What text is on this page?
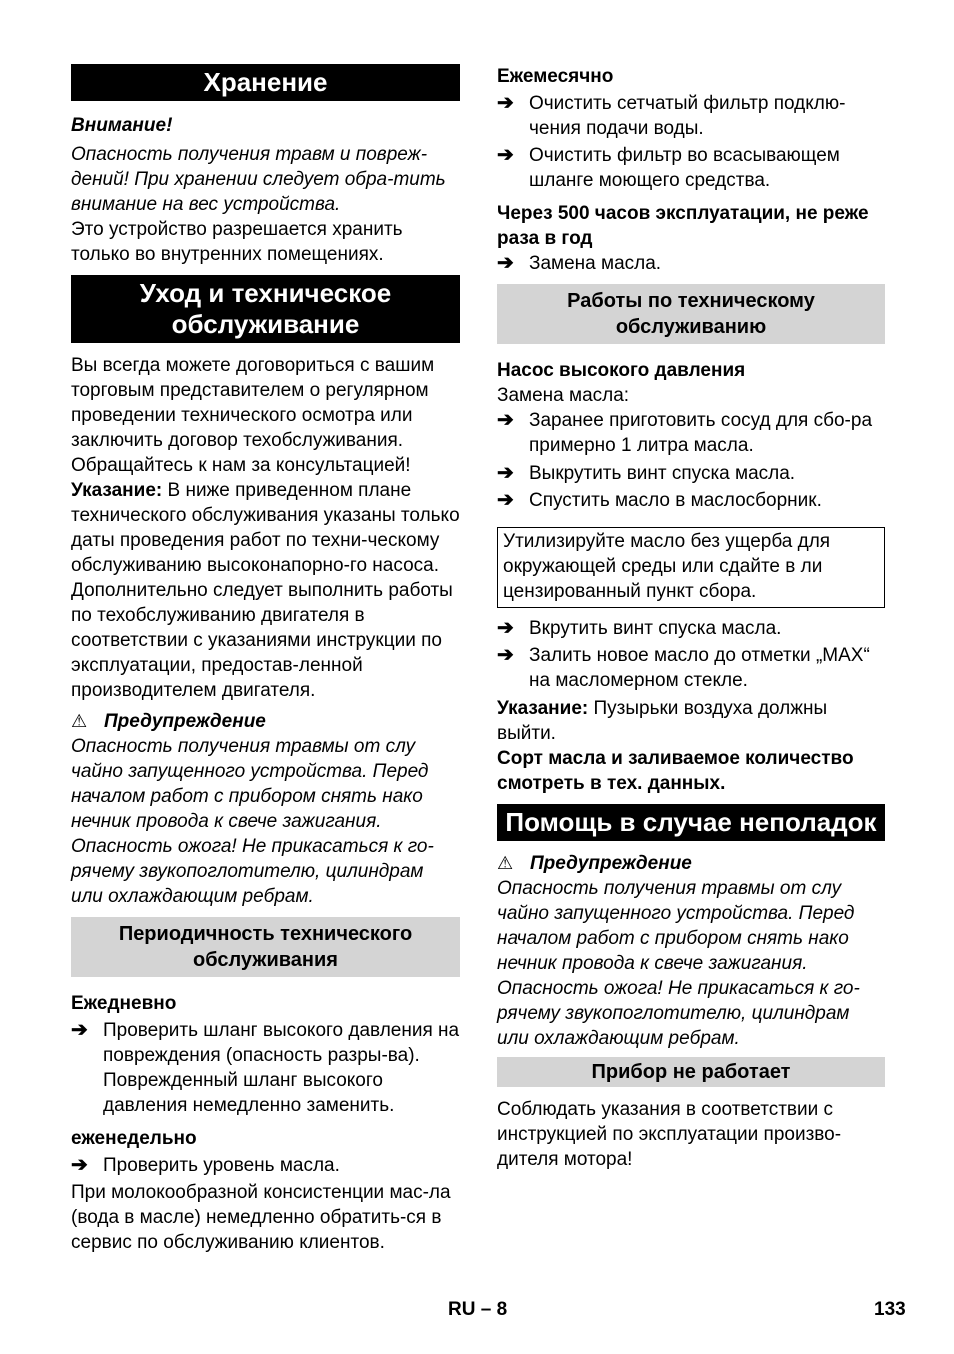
Хранение

Внимание!

Опасность получения травм и повреж-дений! При хранении следует обра-тить внимание на вес устройства.

Это устройство разрешается хранить только во внутренних помещениях.

Уход и техническое обслуживание

Вы всегда можете договориться с вашим торговым представителем о регулярном проведении технического осмотра или заключить договор техобслуживания. Обращайтесь к нам за консультацией!

Указание: В ниже приведенном плане технического обслуживания указаны только даты проведения работ по техни-ческому обслуживанию высоконапорно-го насоса. Дополнительно следует выполнить работы по техобслуживанию двигателя в соответствии с указаниями инструкции по эксплуатации, предостав-ленной производителем двигателя.

⚠ Предупреждение

Опасность получения травмы от слу чайно запущенного устройства. Перед началом работ с прибором снять нако нечник провода к свече зажигания. Опасность ожога! Не прикасаться к го-рячему звукопоглотителю, цилиндрам или охлаждающим ребрам.

Периодичность технического обслуживания

Ежедневно

➔ Проверить шланг высокого давления на повреждения (опасность разры-ва). Поврежденный шланг высокого давления немедленно заменить.

еженедельно

➔ Проверить уровень масла.

При молокообразной консистенции мас-ла (вода в масле) немедленно обратить-ся в сервис по обслуживанию клиентов.

Ежемесячно

➔ Очистить сетчатый фильтр подклю-чения подачи воды.
➔ Очистить фильтр во всасывающем шланге моющего средства.

Через 500 часов эксплуатации, не реже раза в год

➔ Замена масла.
Работы по техническому обслуживанию

Насос высокого давления

Замена масла:

➔ Заранее приготовить сосуд для сбо-ра примерно 1 литра масла.
➔ Выкрутить винт спуска масла.
➔ Спустить масло в маслосборник.

Утилизируйте масло без ущерба для окружающей среды или сдайте в ли цензированный пункт сбора.

➔ Вкрутить винт спуска масла.
➔ Залить новое масло до отметки „MAX“ на масломерном стекле.

Указание: Пузырьки воздуха должны выйти.

Сорт масла и заливаемое количество смотреть в тех. данных.

Помощь в случае неполадок
⚠ Предупреждение

Опасность получения травмы от слу чайно запущенного устройства. Перед началом работ с прибором снять нако нечник провода к свече зажигания. Опасность ожога! Не прикасаться к го-рячему звукопоглотителю, цилиндрам или охлаждающим ребрам.

Прибор не работает

Соблюдать указания в соответствии с инструкцией по эксплуатации произво-дителя мотора!

RU – 8	133
